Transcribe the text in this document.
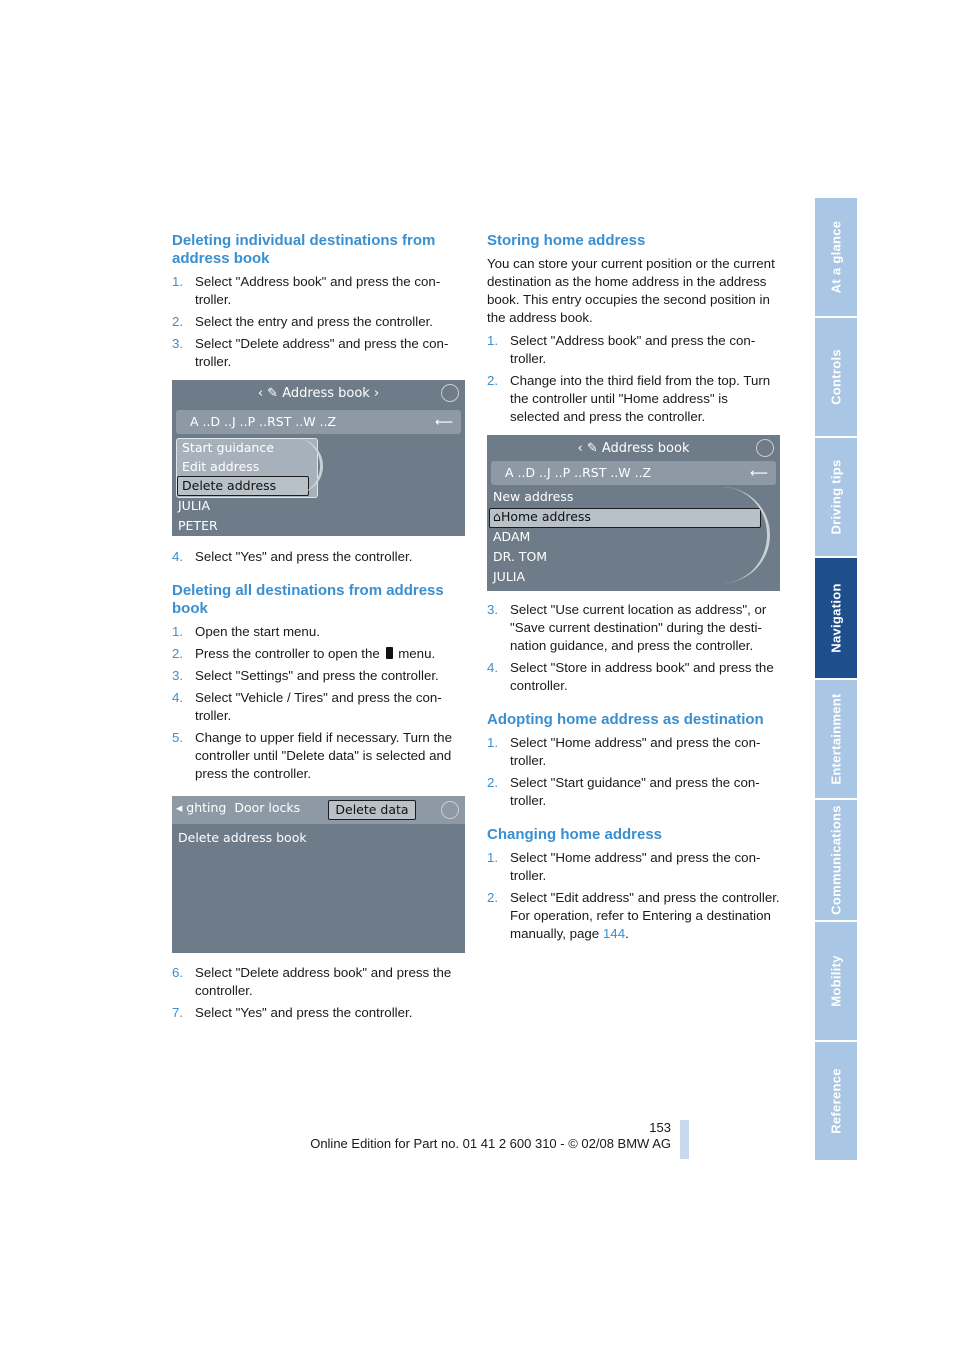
At a glance
Controls
Driving tips
Navigation
Entertainment
Communications
Mobility
Reference
Deleting individual destinations from address book
1. Select "Address book" and press the controller.
2. Select the entry and press the controller.
3. Select "Delete address" and press the controller.
‹ ✎ Address book ›
A ..D ..J ..P ..RST ..W ..Z	⟵
Start guidance
Edit address
Delete address
JULIA
PETER
4. Select "Yes" and press the controller.
Deleting all destinations from address book
1. Open the start menu.
2. Press the controller to open the menu.
3. Select "Settings" and press the controller.
4. Select "Vehicle / Tires" and press the controller.
5. Change to upper field if necessary. Turn the controller until "Delete data" is selected and press the controller.
◂ ghting Door locks	Delete data
Delete address book
6. Select "Delete address book" and press the controller.
7. Select "Yes" and press the controller.
Storing home address

You can store your current position or the current destination as the home address in the address book. This entry occupies the second position in the address book.

1. Select "Address book" and press the controller.
2. Change into the third field from the top. Turn the controller until "Home address" is selected and press the controller.
‹ ✎ Address book
A ..D ..J ..P ..RST ..W ..Z	⟵
New address
⌂Home address
ADAM
DR. TOM
JULIA
3. Select "Use current location as address", or "Save current destination" during the destination guidance, and press the controller.
4. Select "Store in address book" and press the controller.
Adopting home address as destination
1. Select "Home address" and press the controller.
2. Select "Start guidance" and press the controller.
Changing home address
1. Select "Home address" and press the controller.
2. Select "Edit address" and press the controller. For operation, refer to Entering a destination manually, page 144.
153
Online Edition for Part no. 01 41 2 600 310 - © 02/08 BMW AG
